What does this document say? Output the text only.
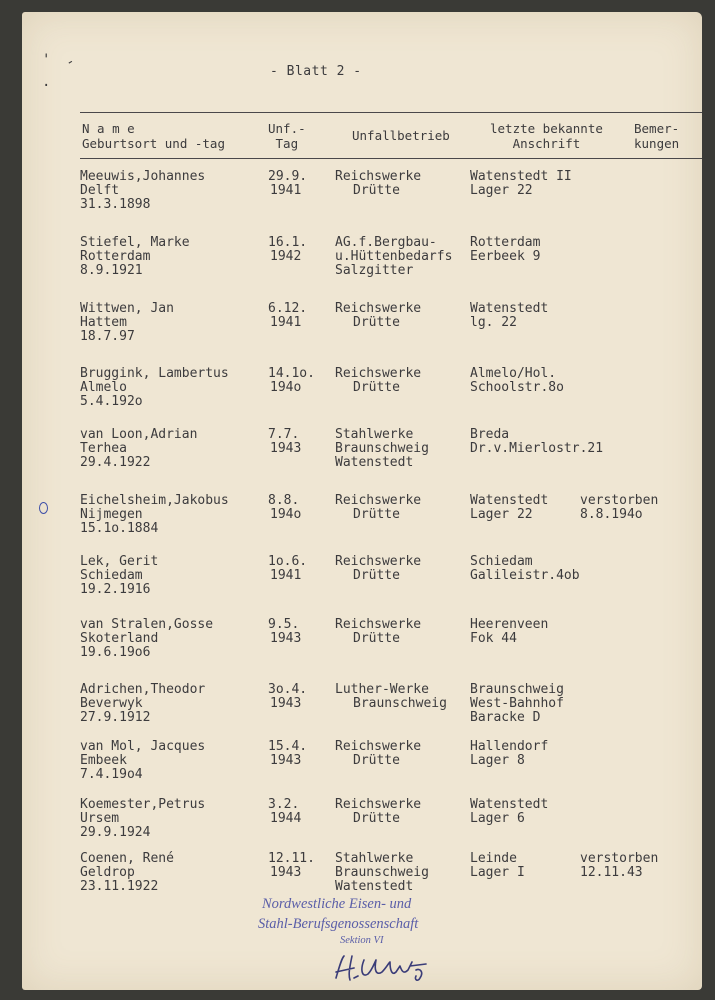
' -
.
- Blatt 2 -
N a m e
Geburtsort und -tag
Unf.-
Tag
Unfallbetrieb	letzte bekannte
Anschrift
Bemer-
kungen
Meeuwis,Johannes
Delft
31.3.1898
29.9.
1941
Reichswerke
Drütte
Watenstedt II
Lager 22
Stiefel, Marke
Rotterdam
8.9.1921
16.1.
1942
AG.f.Bergbau-
u.Hüttenbedarfs
Salzgitter
Rotterdam
Eerbeek 9
Wittwen, Jan
Hattem
18.7.97
6.12.
1941
Reichswerke
Drütte
Watenstedt
lg. 22
Bruggink, Lambertus
Almelo
5.4.192o
14.1o.
194o
Reichswerke
Drütte
Almelo/Hol.
Schoolstr.8o
van Loon,Adrian
Terhea
29.4.1922
7.7.
1943
Stahlwerke
Braunschweig
Watenstedt
Breda
Dr.v.Mierlostr.21
Eichelsheim,Jakobus
Nijmegen
15.1o.1884
8.8.
194o
Reichswerke
Drütte
Watenstedt
Lager 22
verstorben
8.8.194o
Lek, Gerit
Schiedam
19.2.1916
1o.6.
1941
Reichswerke
Drütte
Schiedam
Galileistr.4ob
van Stralen,Gosse
Skoterland
19.6.19o6
9.5.
1943
Reichswerke
Drütte
Heerenveen
Fok 44
Adrichen,Theodor
Beverwyk
27.9.1912
3o.4.
1943
Luther-Werke
Braunschweig
Braunschweig
West-Bahnhof
Baracke D
van Mol, Jacques
Embeek
7.4.19o4
15.4.
1943
Reichswerke
Drütte
Hallendorf
Lager 8
Koemester,Petrus
Ursem
29.9.1924
3.2.
1944
Reichswerke
Drütte
Watenstedt
Lager 6
Coenen, René
Geldrop
23.11.1922
12.11.
1943
Stahlwerke
Braunschweig
Watenstedt
Leinde
Lager I
verstorben
12.11.43
Nordwestliche Eisen- und
Stahl-Berufsgenossenschaft
Sektion VI
